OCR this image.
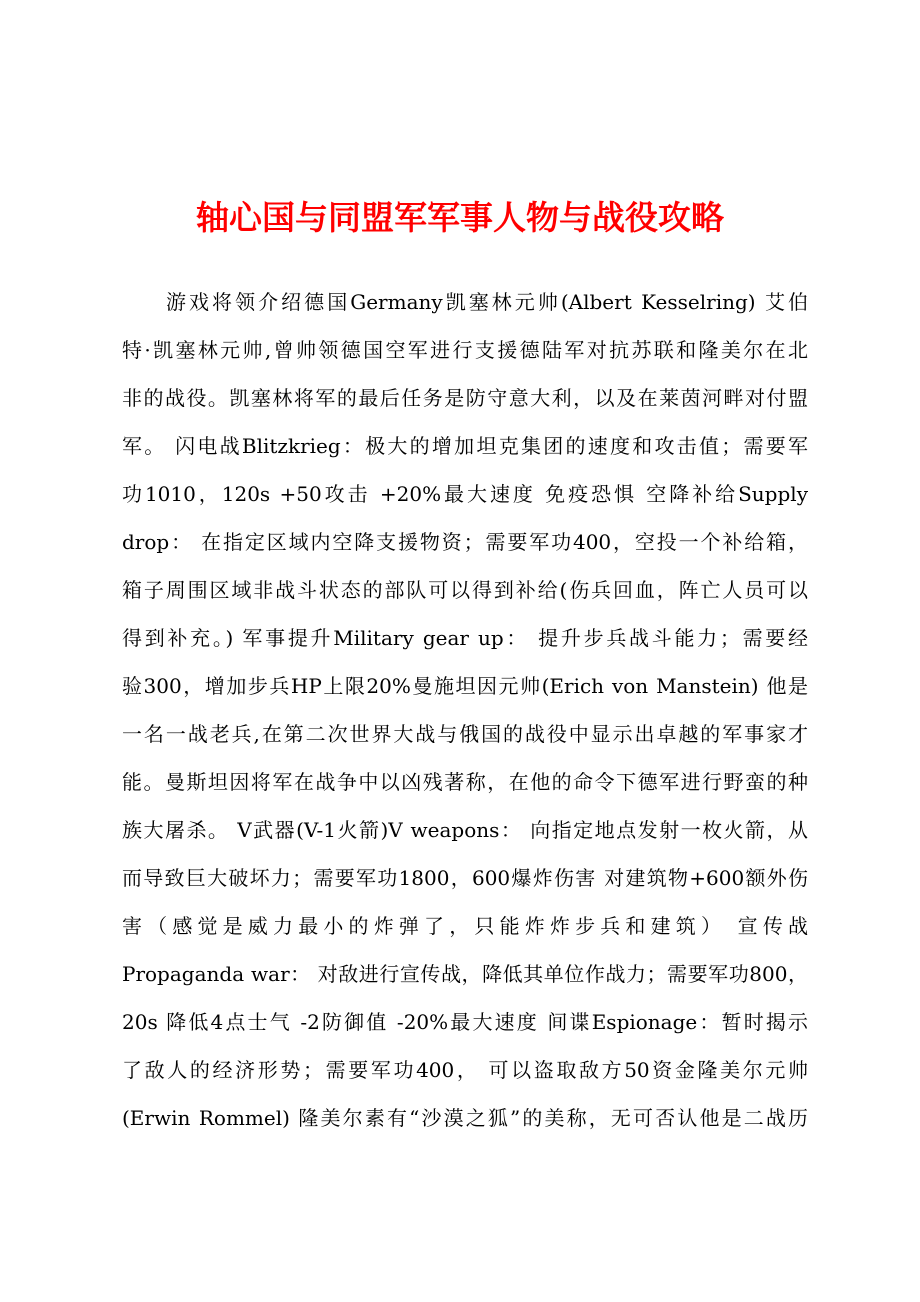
轴心国与同盟军军事人物与战役攻略
游戏将领介绍德国Germany凯塞林元帅(Albert Kesselring) 艾伯
特·凯塞林元帅,曾帅领德国空军进行支援德陆军对抗苏联和隆美尔在北
非的战役。凯塞林将军的最后任务是防守意大利，以及在莱茵河畔对付盟
军。 闪电战Blitzkrieg：极大的增加坦克集团的速度和攻击值；需要军
功1010，120s +50攻击 +20%最大速度 免疫恐惧 空降补给Supply
drop： 在指定区域内空降支援物资；需要军功400，空投一个补给箱，
箱子周围区域非战斗状态的部队可以得到补给(伤兵回血，阵亡人员可以
得到补充。) 军事提升Military gear up： 提升步兵战斗能力；需要经
验300，增加步兵HP上限20%曼施坦因元帅(Erich von Manstein) 他是
一名一战老兵,在第二次世界大战与俄国的战役中显示出卓越的军事家才
能。曼斯坦因将军在战争中以凶残著称，在他的命令下德军进行野蛮的种
族大屠杀。 V武器(V-1火箭)V weapons： 向指定地点发射一枚火箭，从
而导致巨大破坏力；需要军功1800，600爆炸伤害 对建筑物+600额外伤
害（感觉是威力最小的炸弹了，只能炸炸步兵和建筑） 宣传战
Propaganda war： 对敌进行宣传战，降低其单位作战力；需要军功800，
20s 降低4点士气 -2防御值 -20%最大速度 间谍Espionage：暂时揭示
了敌人的经济形势；需要军功400， 可以盗取敌方50资金隆美尔元帅
(Erwin Rommel) 隆美尔素有“沙漠之狐”的美称，无可否认他是二战历
